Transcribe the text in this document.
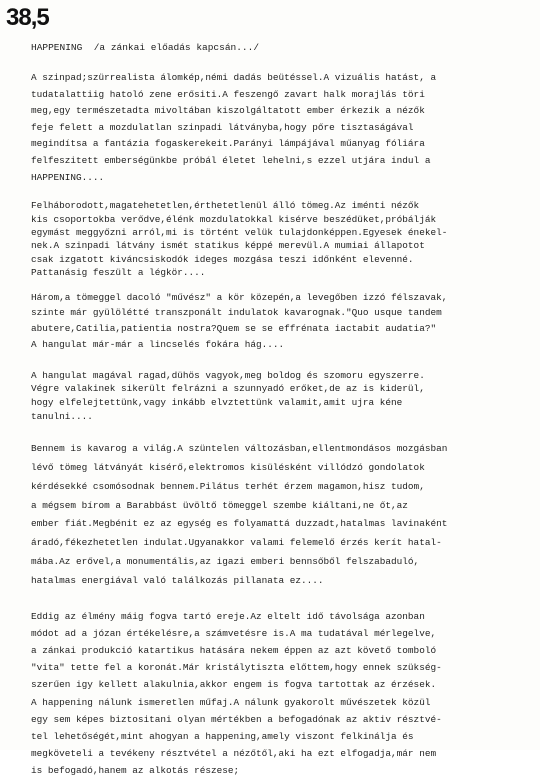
38,5
HAPPENING  /a zánkai előadás kapcsán.../
A szinpad;szürrealista álomkép,némi dadás beütéssel.A vizuális hatást, a
tudatalattiig hatoló zene erősiti.A feszengő zavart halk morajlás töri
meg,egy természetadta mivoltában kiszolgáltatott ember érkezik a nézők
feje felett a mozdulatlan szinpadi látványba,hogy pőre tisztaságával
megindítsa a fantázia fogaskerekeit.Parányi lámpájával műanyag fóliára
felfeszitett emberségünkbe próbál életet lehelni,s ezzel utjára indul a
HAPPENING....
Felháborodott,magatehetetlen,érthetetlenül álló tömeg.Az iménti nézők
kis csoportokba verődve,élénk mozdulatokkal kisérve beszédüket,próbálják
egymást meggyőzni arról,mi is történt velük tulajdonképpen.Egyesek énekel-
nek.A szinpadi látvány ismét statikus képpé merevül.A mumiai állapotot
csak izgatott kiváncsiskodók ideges mozgása teszi időnként elevenné.
Pattanásig feszült a légkör....
Három,a tömeggel dacoló "művész" a kör közepén,a levegőben izzó félszavak,
szinte már gyülölétté transzponált indulatok kavarognak."Quo usque tandem
abutere,Catilia,patientia nostra?Quem se se effrénata iactabit audatia?"
A hangulat már-már a lincselés fokára hág....
A hangulat magával ragad,dühös vagyok,meg boldog és szomoru egyszerre.
Végre valakinek sikerült felrázni a szunnyadó erőket,de az is kiderül,
hogy elfelejtettünk,vagy inkább elvztettünk valamit,amit ujra kéne
tanulni....
Bennem is kavarog a világ.A szüntelen változásban,ellentmondásos mozgásban
lévő tömeg látványát kisérő,elektromos kisülésként villódzó gondolatok
kérdésekké csomósodnak bennem.Pilátus terhét érzem magamon,hisz tudom,
a mégsem bírom a Barabbást üvöltő tömeggel szembe kiáltani,ne őt,az
ember fiát.Megbénit ez az egység es folyamattá duzzadt,hatalmas lavinaként
áradó,fékezhetetlen indulat.Ugyanakkor valami felemelő érzés kerít hatal-
mába.Az erővel,a monumentális,az igazi emberi bennsőből felszabaduló,
hatalmas energiával való találkozás pillanata ez....
Eddig az élmény máig fogva tartó ereje.Az eltelt idő távolsága azonban
módot ad a józan értékelésre,a számvetésre is.A ma tudatával mérlegelve,
a zánkai produkció katartikus hatására nekem éppen az azt követő tomboló
"vita" tette fel a koronát.Már kristálytiszta előttem,hogy ennek szükség-
szerűen igy kellett alakulnia,akkor engem is fogva tartottak az érzések.
A happening nálunk ismeretlen műfaj.A nálunk gyakorolt művészetek közül
egy sem képes biztositani olyan mértékben a befogadónak az aktiv résztvé-
tel lehetőségét,mint ahogyan a happening,amely viszont felkinálja és
megköveteli a tevékeny résztvétel a nézőtől,aki ha ezt elfogadja,már nem
is befogadó,hanem az alkotás részese;
